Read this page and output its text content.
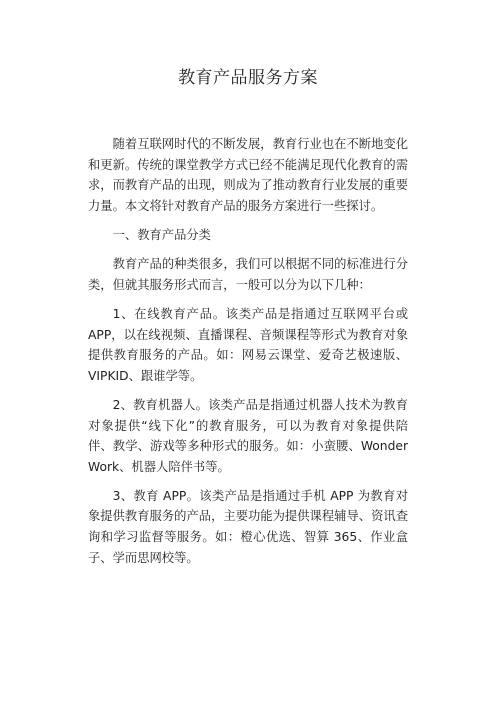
教育产品服务方案

随着互联网时代的不断发展，教育行业也在不断地变化和更新。传统的课堂教学方式已经不能满足现代化教育的需求，而教育产品的出现，则成为了推动教育行业发展的重要力量。本文将针对教育产品的服务方案进行一些探讨。

一、教育产品分类

教育产品的种类很多，我们可以根据不同的标准进行分类，但就其服务形式而言，一般可以分为以下几种：

1、在线教育产品。该类产品是指通过互联网平台或 APP，以在线视频、直播课程、音频课程等形式为教育对象提供教育服务的产品。如：网易云课堂、爱奇艺极速版、VIPKID、跟谁学等。

2、教育机器人。该类产品是指通过机器人技术为教育对象提供“线下化”的教育服务，可以为教育对象提供陪伴、教学、游戏等多种形式的服务。如：小蛮腰、Wonder Work、机器人陪伴书等。

3、教育 APP。该类产品是指通过手机 APP 为教育对象提供教育服务的产品，主要功能为提供课程辅导、资讯查询和学习监督等服务。如：橙心优选、智算 365、作业盒子、学而思网校等。
